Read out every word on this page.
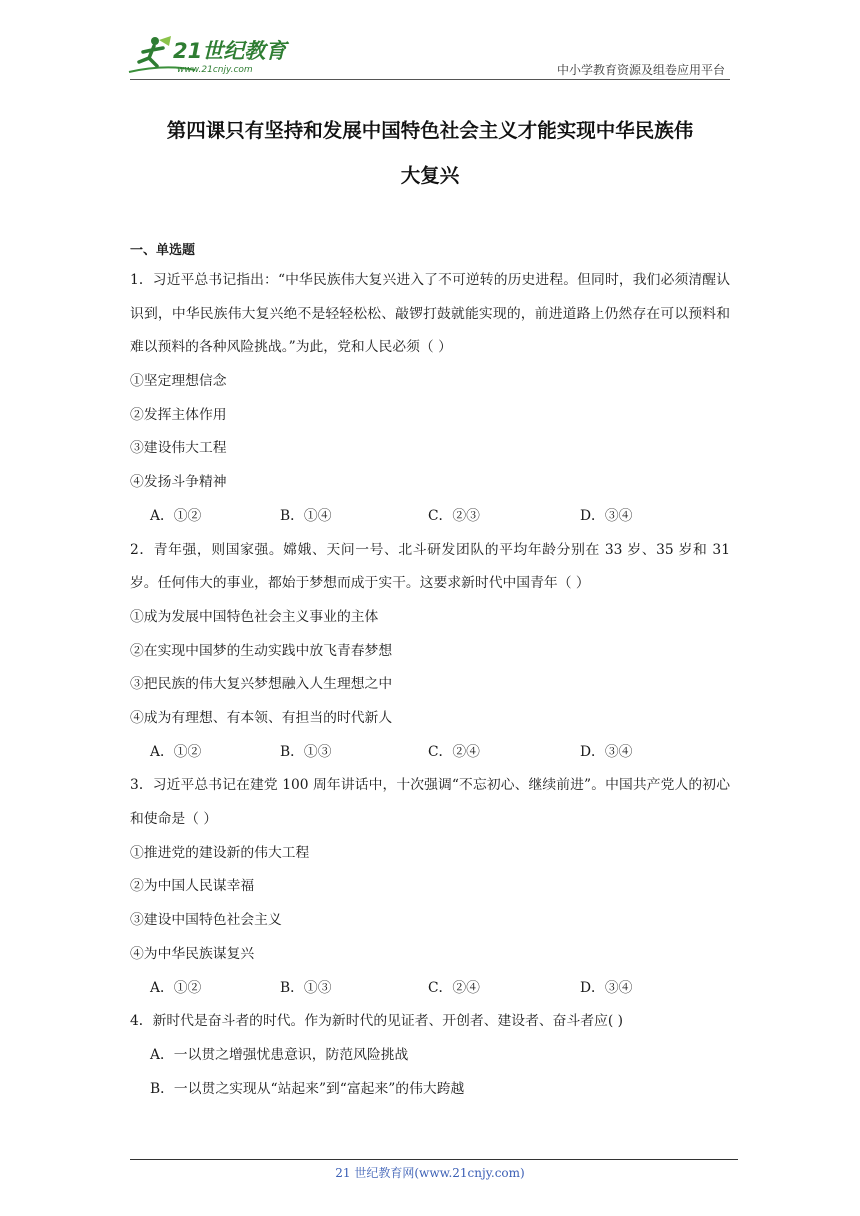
21世纪教育
www.21cnjy.com	中小学教育资源及组卷应用平台
第四课只有坚持和发展中国特色社会主义才能实现中华民族伟
大复兴
一、单选题
1．习近平总书记指出：“中华民族伟大复兴进入了不可逆转的历史进程。但同时，我们必须清醒认识到，中华民族伟大复兴绝不是轻轻松松、敲锣打鼓就能实现的，前进道路上仍然存在可以预料和难以预料的各种风险挑战。”为此，党和人民必须（ ）
①坚定理想信念
②发挥主体作用
③建设伟大工程
④发扬斗争精神
A．①②	B．①④	C．②③	D．③④
2．青年强，则国家强。嫦娥、天问一号、北斗研发团队的平均年龄分别在 33 岁、35 岁和 31 岁。任何伟大的事业，都始于梦想而成于实干。这要求新时代中国青年（ ）
①成为发展中国特色社会主义事业的主体
②在实现中国梦的生动实践中放飞青春梦想
③把民族的伟大复兴梦想融入人生理想之中
④成为有理想、有本领、有担当的时代新人
A．①②	B．①③	C．②④	D．③④
3．习近平总书记在建党 100 周年讲话中，十次强调“不忘初心、继续前进”。中国共产党人的初心和使命是（ ）
①推进党的建设新的伟大工程
②为中国人民谋幸福
③建设中国特色社会主义
④为中华民族谋复兴
A．①②	B．①③	C．②④	D．③④
4．新时代是奋斗者的时代。作为新时代的见证者、开创者、建设者、奋斗者应( )
A．一以贯之增强忧患意识，防范风险挑战
B．一以贯之实现从“站起来”到“富起来”的伟大跨越
21 世纪教育网(www.21cnjy.com)
